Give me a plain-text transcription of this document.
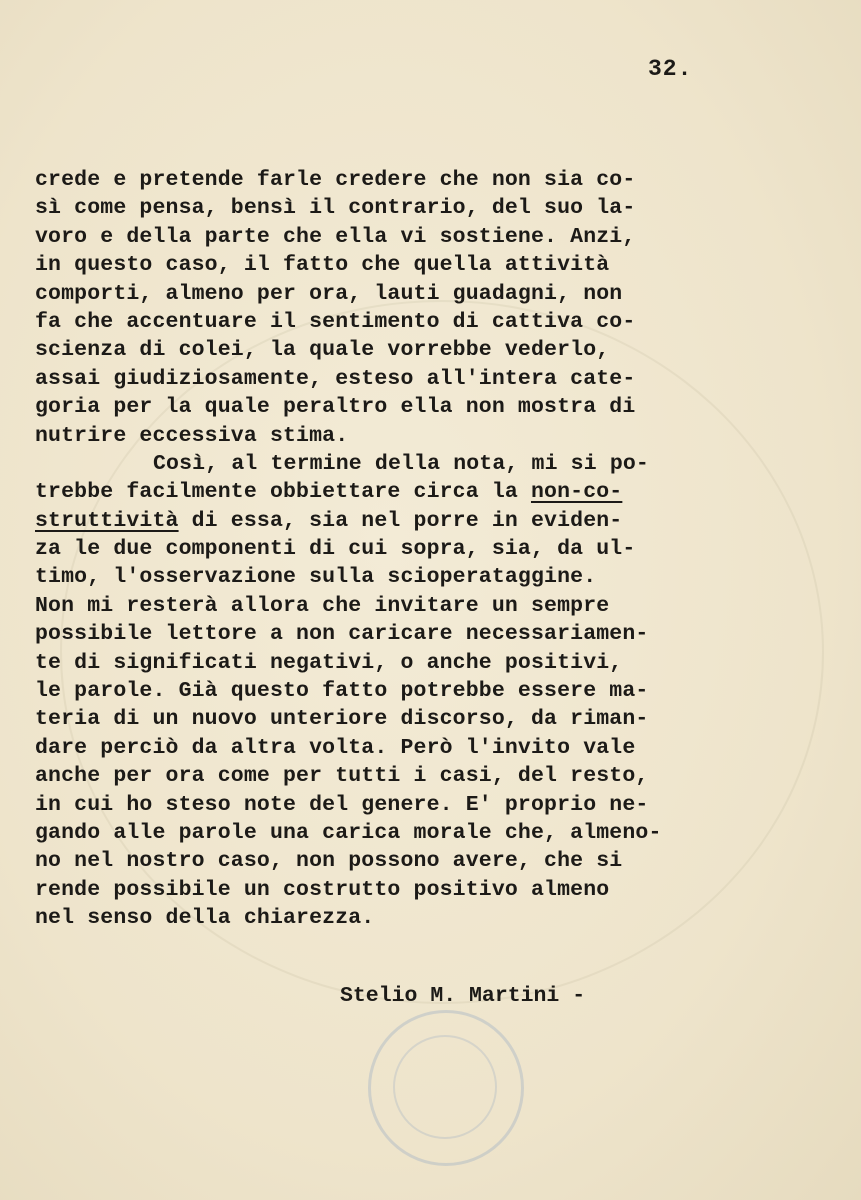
32.
crede e pretende farle credere che non sia co-
sì come pensa, bensì il contrario, del suo la-
voro e della parte che ella vi sostiene. Anzi,
in questo caso, il fatto che quella attività
comporti, almeno per ora, lauti guadagni, non
fa che accentuare il sentimento di cattiva co-
scienza di colei, la quale vorrebbe vederlo,
assai giudiziosamente, esteso all'intera cate-
goria per la quale peraltro ella non mostra di
nutrire eccessiva stima.
Così, al termine della nota, mi si po-
trebbe facilmente obbiettare circa la non-co-
struttività di essa, sia nel porre in eviden-
za le due componenti di cui sopra, sia, da ul-
timo, l'osservazione sulla scioperataggine.
Non mi resterà allora che invitare un sempre
possibile lettore a non caricare necessariamen-
te di significati negativi, o anche positivi,
le parole. Già questo fatto potrebbe essere ma-
teria di un nuovo unteriore discorso, da riman-
dare perciò da altra volta. Però l'invito vale
anche per ora come per tutti i casi, del resto,
in cui ho steso note del genere. E' proprio ne-
gando alle parole una carica morale che, almeno-
no nel nostro caso, non possono avere, che si
rende possibile un costrutto positivo almeno
nel senso della chiarezza.
Stelio M. Martini -
